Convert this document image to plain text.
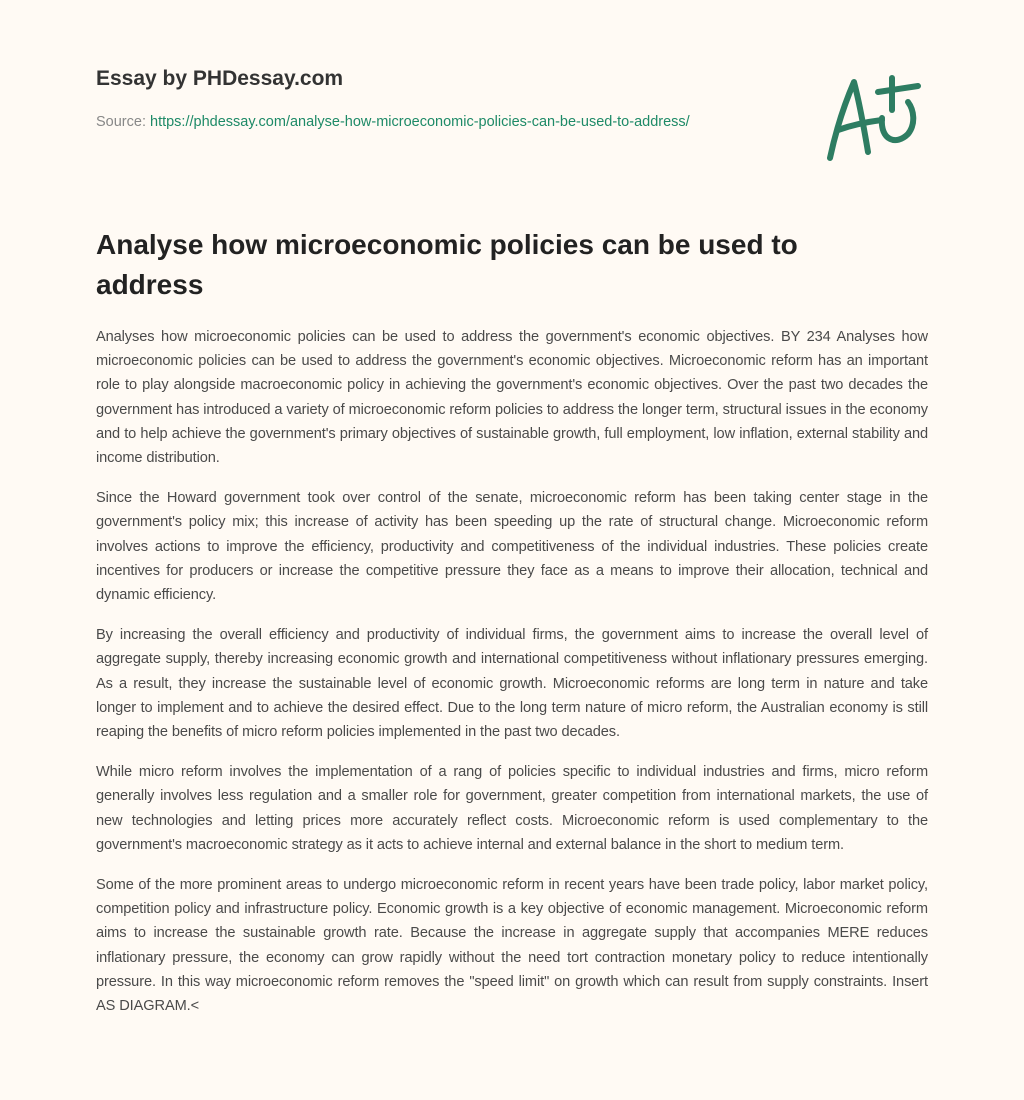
Essay by PHDessay.com

Source: https://phdessay.com/analyse-how-microeconomic-policies-can-be-used-to-address/
Analyse how microeconomic policies can be used to address

Analyses how microeconomic policies can be used to address the government's economic objectives. BY 234 Analyses how microeconomic policies can be used to address the government's economic objectives. Microeconomic reform has an important role to play alongside macroeconomic policy in achieving the government's economic objectives. Over the past two decades the government has introduced a variety of microeconomic reform policies to address the longer term, structural issues in the economy and to help achieve the government's primary objectives of sustainable growth, full employment, low inflation, external stability and income distribution.

Since the Howard government took over control of the senate, microeconomic reform has been taking center stage in the government's policy mix; this increase of activity has been speeding up the rate of structural change. Microeconomic reform involves actions to improve the efficiency, productivity and competitiveness of the individual industries. These policies create incentives for producers or increase the competitive pressure they face as a means to improve their allocation, technical and dynamic efficiency.

By increasing the overall efficiency and productivity of individual firms, the government aims to increase the overall level of aggregate supply, thereby increasing economic growth and international competitiveness without inflationary pressures emerging. As a result, they increase the sustainable level of economic growth. Microeconomic reforms are long term in nature and take longer to implement and to achieve the desired effect. Due to the long term nature of micro reform, the Australian economy is still reaping the benefits of micro reform policies implemented in the past two decades.

While micro reform involves the implementation of a rang of policies specific to individual industries and firms, micro reform generally involves less regulation and a smaller role for government, greater competition from international markets, the use of new technologies and letting prices more accurately reflect costs. Microeconomic reform is used complementary to the government's macroeconomic strategy as it acts to achieve internal and external balance in the short to medium term.

Some of the more prominent areas to undergo microeconomic reform in recent years have been trade policy, labor market policy, competition policy and infrastructure policy. Economic growth is a key objective of economic management. Microeconomic reform aims to increase the sustainable growth rate. Because the increase in aggregate supply that accompanies MERE reduces inflationary pressure, the economy can grow rapidly without the need tort contraction monetary policy to reduce intentionally pressure. In this way microeconomic reform removes the "speed limit" on growth which can result from supply constraints. Insert AS DIAGRAM.<
